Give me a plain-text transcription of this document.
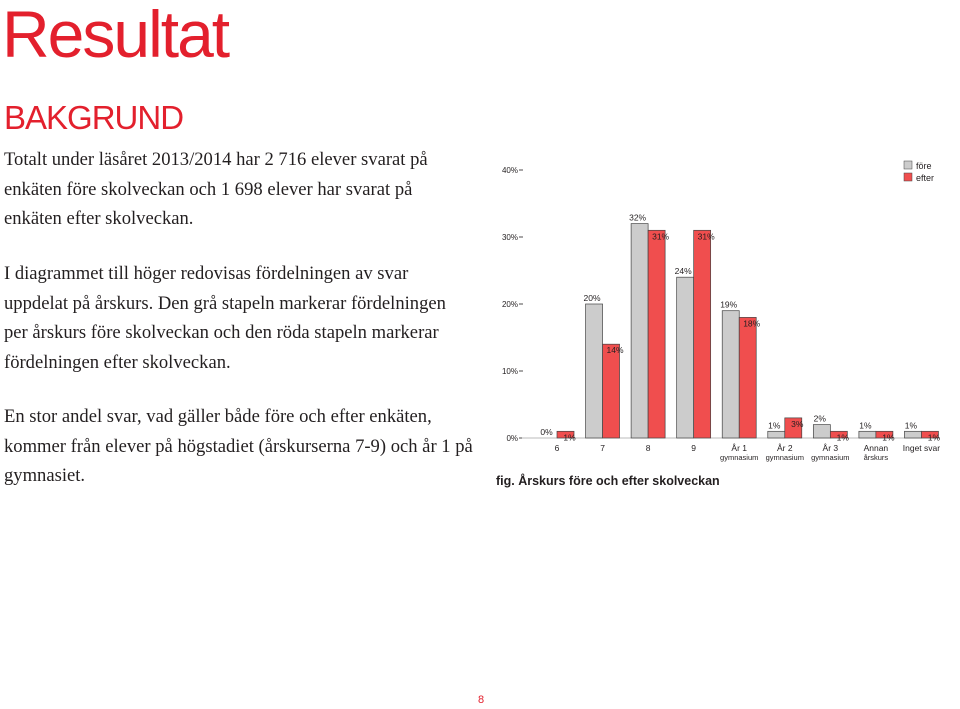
Resultat
BAKGRUND

Totalt under läsåret 2013/2014 har 2 716 elever svarat på enkäten före skolveckan och 1 698 elever har svarat på enkäten efter skolveckan.

I diagrammet till höger redovisas fördelningen av svar uppdelat på årskurs. Den grå stapeln markerar fördelningen per årskurs före skolveckan och den röda stapeln markerar fördelningen efter skolveckan.

En stor andel svar, vad gäller både före och efter enkäten, kommer från elever på högstadiet (årskurserna 7-9) och år 1 på gymnasiet.

0%
10%
20%
30%
40%
0%
1%
6
20%
14%
7
32%
31%
8
24%
31%
9
19%
18%
År 1
gymnasium
1% 3%
År 2
gymnasium
2%
1%
År 3
gymnasium
1%
1%
Annan
årskurs
1%
1%
Inget svar
före
efter
fig. Årskurs före och efter skolveckan
8
